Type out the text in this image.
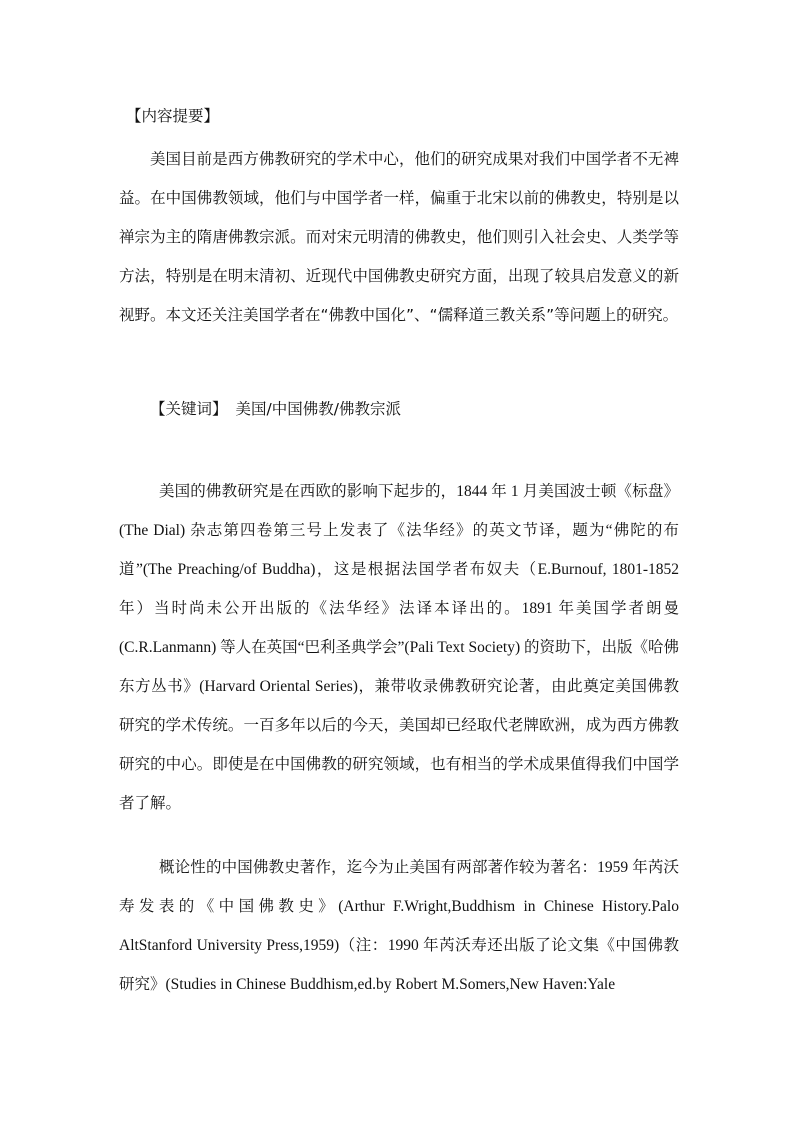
【内容提要】

美国目前是西方佛教研究的学术中心，他们的研究成果对我们中国学者不无裨益。在中国佛教领域，他们与中国学者一样，偏重于北宋以前的佛教史，特别是以禅宗为主的隋唐佛教宗派。而对宋元明清的佛教史，他们则引入社会史、人类学等方法，特别是在明末清初、近现代中国佛教史研究方面，出现了较具启发意义的新视野。本文还关注美国学者在“佛教中国化”、“儒释道三教关系”等问题上的研究。

【关键词】 美国/中国佛教/佛教宗派

美国的佛教研究是在西欧的影响下起步的，1844 年 1 月美国波士顿《标盘》(The Dial) 杂志第四卷第三号上发表了《法华经》的英文节译，题为“佛陀的布道”(The Preaching/of Buddha)，这是根据法国学者布奴夫（E.Burnouf, 1801-1852 年）当时尚未公开出版的《法华经》法译本译出的。1891 年美国学者朗曼 (C.R.Lanmann) 等人在英国“巴利圣典学会”(Pali Text Society) 的资助下，出版《哈佛东方丛书》(Harvard Oriental Series)，兼带收录佛教研究论著，由此奠定美国佛教研究的学术传统。一百多年以后的今天，美国却已经取代老牌欧洲，成为西方佛教研究的中心。即使是在中国佛教的研究领域，也有相当的学术成果值得我们中国学者了解。

概论性的中国佛教史著作，迄今为止美国有两部著作较为著名：1959 年芮沃寿发表的《中国佛教史》(Arthur F.Wright,Buddhism in Chinese History.Palo AltStanford University Press,1959)（注：1990 年芮沃寿还出版了论文集《中国佛教研究》(Studies in Chinese Buddhism,ed.by Robert M.Somers,New Haven:Yale
